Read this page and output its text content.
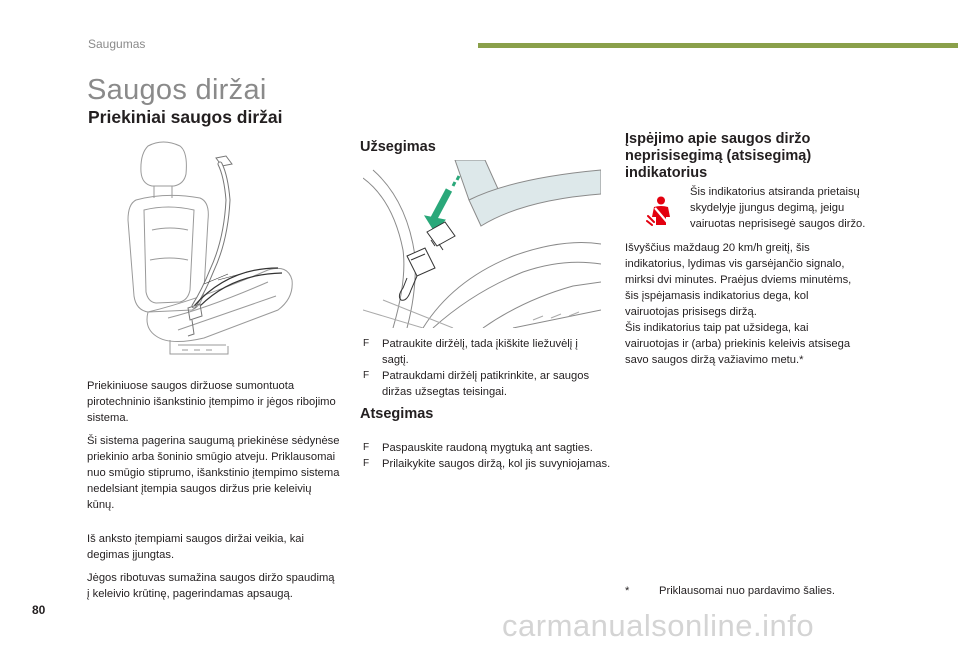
Saugumas
Saugos diržai
Priekiniai saugos diržai

Priekiniuose saugos diržuose sumontuota pirotechninio išankstinio įtempimo ir jėgos ribojimo sistema.

Ši sistema pagerina saugumą priekinėse sėdynėse priekinio arba šoninio smūgio atveju. Priklausomai nuo smūgio stiprumo, išankstinio įtempimo sistema nedelsiant įtempia saugos diržus prie keleivių kūnų.

Iš anksto įtempiami saugos diržai veikia, kai degimas įjungtas.

Jėgos ribotuvas sumažina saugos diržo spaudimą į keleivio krūtinę, pagerindamas apsaugą.

Užsegimas
F Patraukite diržėlį, tada įkiškite liežuvėlį į sagtį.
F Patraukdami diržėlį patikrinkite, ar saugos diržas užsegtas teisingai.
Atsegimas
F Paspauskite raudoną mygtuką ant sagties.
F Prilaikykite saugos diržą, kol jis suvyniojamas.
Įspėjimo apie saugos diržo
neprisisegimą (atsisegimą)
indikatorius
Šis indikatorius atsiranda prietaisų skydelyje įjungus degimą, jeigu vairuotas neprisisegė saugos diržo.
Išvyščius maždaug 20 km/h greitį, šis
indikatorius, lydimas vis garsėjančio signalo,
mirksi dvi minutes. Praėjus dviems minutėms,
šis įspėjamasis indikatorius dega, kol
vairuotojas prisisegs diržą.
Šis indikatorius taip pat užsidega, kai
vairuotojas ir (arba) priekinis keleivis atsisega
savo saugos diržą važiavimo metu.*
*	Priklausomai nuo pardavimo šalies.
80	carmanualsonline.info
